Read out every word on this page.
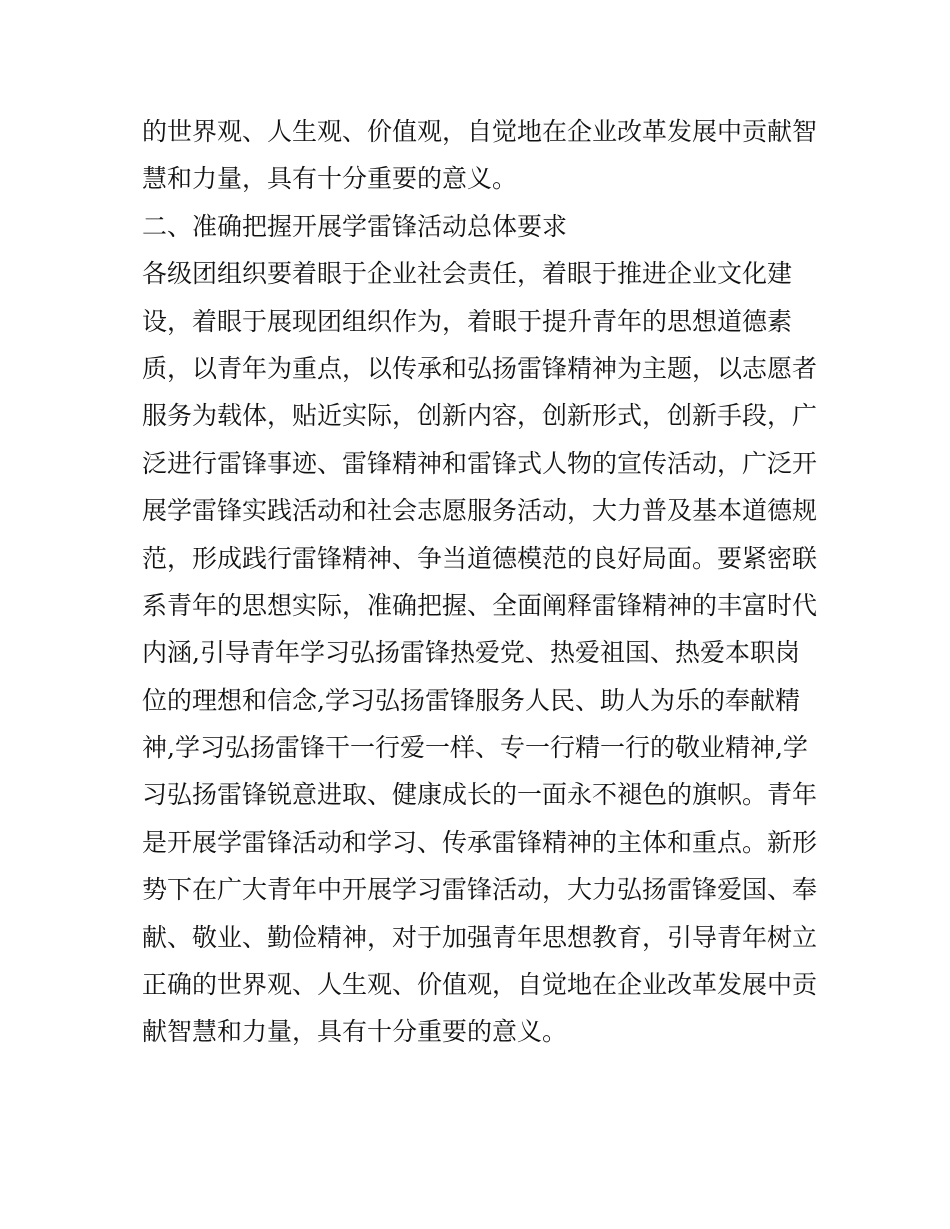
的世界观、人生观、价值观，自觉地在企业改革发展中贡献智
慧和力量，具有十分重要的意义。
二、准确把握开展学雷锋活动总体要求
各级团组织要着眼于企业社会责任，着眼于推进企业文化建
设，着眼于展现团组织作为，着眼于提升青年的思想道德素
质，以青年为重点，以传承和弘扬雷锋精神为主题，以志愿者
服务为载体，贴近实际，创新内容，创新形式，创新手段，广
泛进行雷锋事迹、雷锋精神和雷锋式人物的宣传活动，广泛开
展学雷锋实践活动和社会志愿服务活动，大力普及基本道德规
范，形成践行雷锋精神、争当道德模范的良好局面。要紧密联
系青年的思想实际，准确把握、全面阐释雷锋精神的丰富时代
内涵,引导青年学习弘扬雷锋热爱党、热爱祖国、热爱本职岗
位的理想和信念,学习弘扬雷锋服务人民、助人为乐的奉献精
神,学习弘扬雷锋干一行爱一样、专一行精一行的敬业精神,学
习弘扬雷锋锐意进取、健康成长的一面永不褪色的旗帜。青年
是开展学雷锋活动和学习、传承雷锋精神的主体和重点。新形
势下在广大青年中开展学习雷锋活动，大力弘扬雷锋爱国、奉
献、敬业、勤俭精神，对于加强青年思想教育，引导青年树立
正确的世界观、人生观、价值观，自觉地在企业改革发展中贡
献智慧和力量，具有十分重要的意义。
